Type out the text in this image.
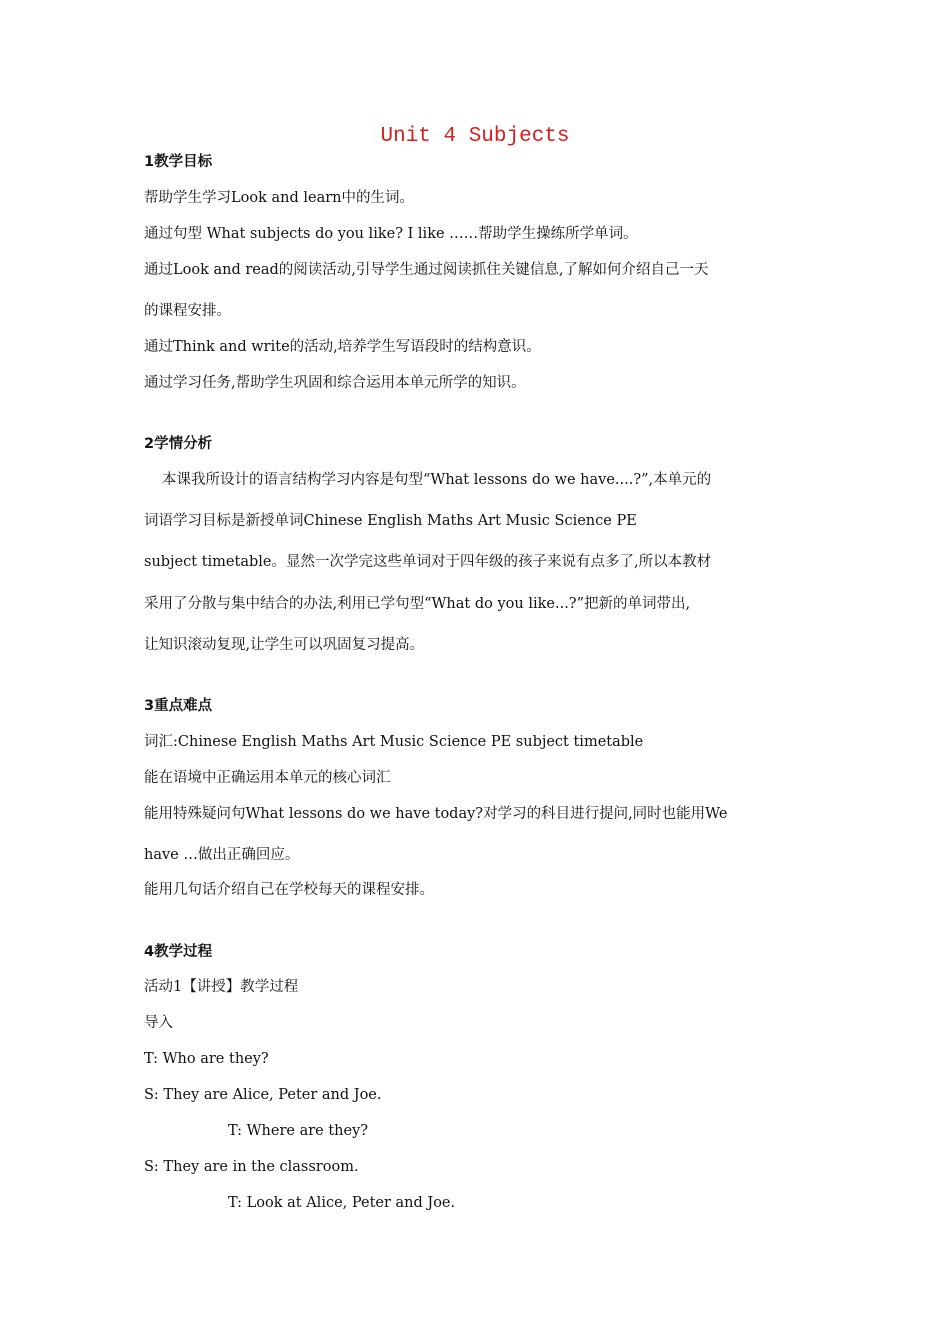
Unit 4 Subjects
1教学目标
帮助学生学习Look and learn中的生词。
通过句型 What subjects do you like? I like ……帮助学生操练所学单词。
通过Look and read的阅读活动,引导学生通过阅读抓住关键信息,了解如何介绍自己一天
的课程安排。
通过Think and write的活动,培养学生写语段时的结构意识。
通过学习任务,帮助学生巩固和综合运用本单元所学的知识。
2学情分析
本课我所设计的语言结构学习内容是句型“What lessons do we have....?”,本单元的
词语学习目标是新授单词Chinese English Maths Art Music Science PE
subject timetable。显然一次学完这些单词对于四年级的孩子来说有点多了,所以本教材
采用了分散与集中结合的办法,利用已学句型“What do you like...?”把新的单词带出,
让知识滚动复现,让学生可以巩固复习提高。
3重点难点
词汇:Chinese English Maths Art Music Science PE subject timetable
能在语境中正确运用本单元的核心词汇
能用特殊疑问句What lessons do we have today?对学习的科目进行提问,同时也能用We
have …做出正确回应。
能用几句话介绍自己在学校每天的课程安排。
4教学过程
活动1【讲授】教学过程
导入
T: Who are they?
S: They are Alice, Peter and Joe.
T: Where are they?
S: They are in the classroom.
T: Look at Alice, Peter and Joe.
